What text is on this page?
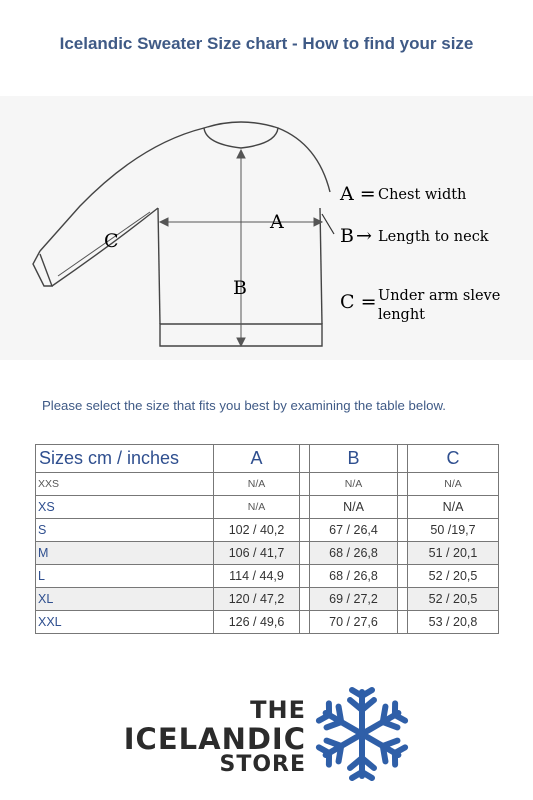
Icelandic Sweater Size chart - How to find your size
A
B
C
A = Chest width
B → Length to neck
C = Under arm sleve
lenght
Please select the size that fits you best by examining the table below.
Sizes cm / inches	A		B		C
XXS	N/A		N/A		N/A
XS	N/A		N/A		N/A
S	102 / 40,2		67 / 26,4		50 /19,7
M	106 / 41,7		68 / 26,8		51 / 20,1
L	114 / 44,9		68 / 26,8		52 / 20,5
XL	120 / 47,2		69 / 27,2		52 / 20,5
XXL	126 / 49,6		70 / 27,6		53 / 20,8
THE
ICELANDIC
STORE
